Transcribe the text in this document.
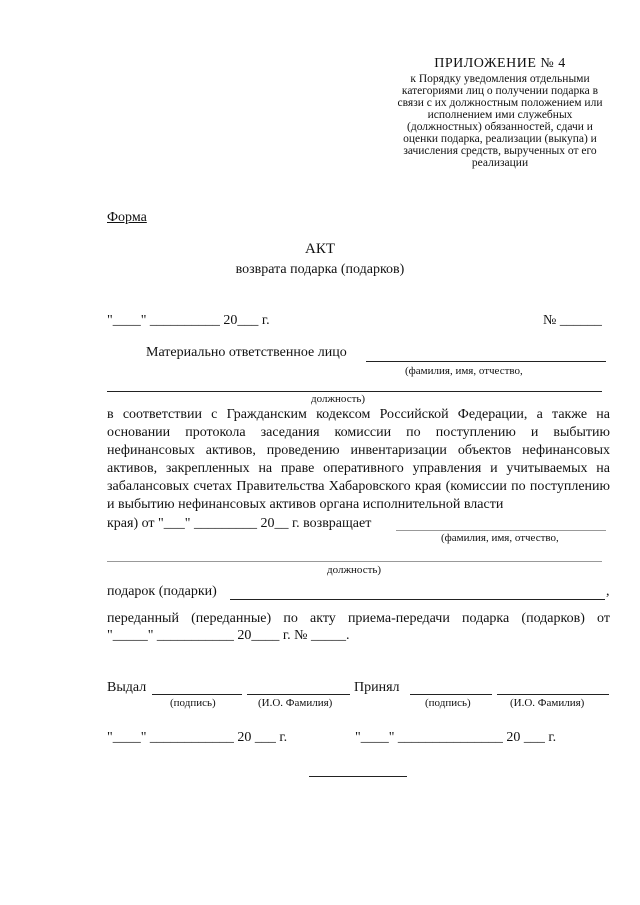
ПРИЛОЖЕНИЕ № 4
к Порядку уведомления отдельными категориями лиц о получении подарка в связи с их должностным положением или исполнением ими служебных (должностных) обязанностей, сдачи и оценки подарка, реализации (выкупа) и зачисления средств, вырученных от его реализации
Форма
АКТ
возврата подарка (подарков)
"____" __________ 20___ г.	№ ______
Материально ответственное лицо
(фамилия, имя, отчество,
должность)
в соответствии с Гражданским кодексом Российской Федерации, а также на основании протокола заседания комиссии по поступлению и выбытию нефинансовых активов, проведению инвентаризации объектов нефинансовых активов, закрепленных на праве оперативного управления и учитываемых на забалансовых счетах Правительства Хабаровского края (комиссии по поступлению и выбытию нефинансовых активов органа исполнительной власти
края) от "___" _________ 20__ г. возвращает
(фамилия, имя, отчество,
должность)
подарок (подарки)	,
переданный (переданные) по акту приема-передачи подарка (подарков) от
"_____" ___________ 20____ г. № _____.
Выдал	Принял
(подпись)	(И.О. Фамилия)	(подпись)	(И.О. Фамилия)
"____" ____________ 20 ___ г.	"____" _______________ 20 ___ г.
